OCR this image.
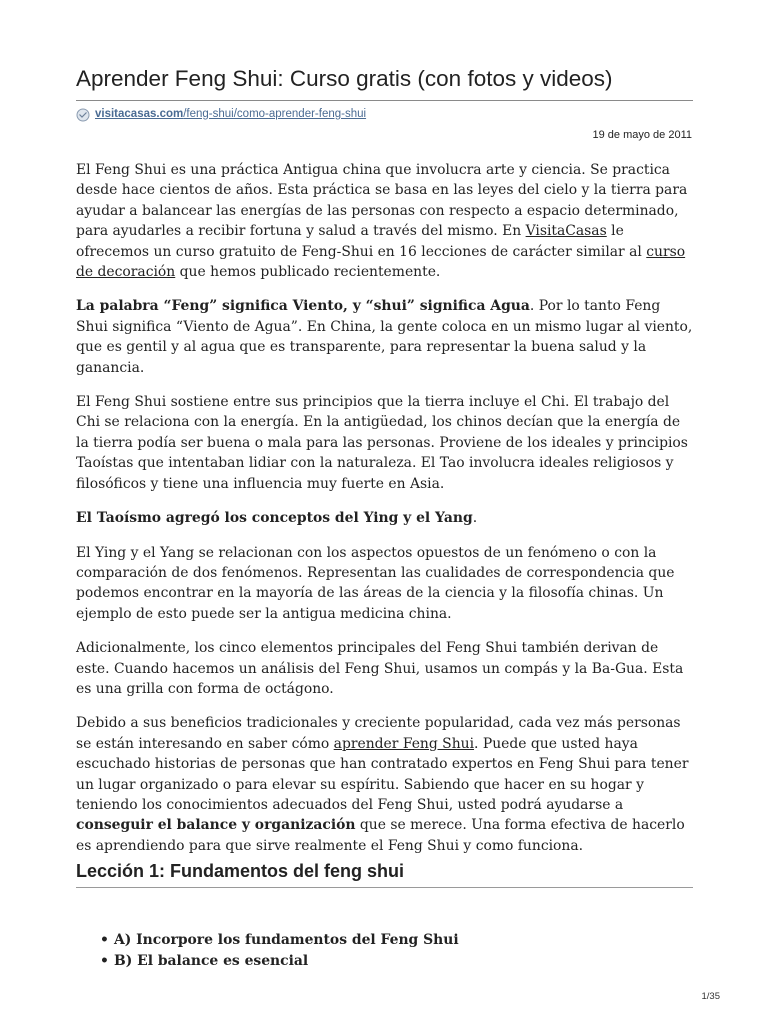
Aprender Feng Shui: Curso gratis (con fotos y videos)
visitacasas.com /feng-shui/como-aprender-feng-shui
19 de mayo de 2011

El Feng Shui es una práctica Antigua china que involucra arte y ciencia. Se practica desde hace cientos de años. Esta práctica se basa en las leyes del cielo y la tierra para ayudar a balancear las energías de las personas con respecto a espacio determinado, para ayudarles a recibir fortuna y salud a través del mismo. En VisitaCasas le ofrecemos un curso gratuito de Feng-Shui en 16 lecciones de carácter similar al curso de decoración que hemos publicado recientemente.

La palabra “Feng” significa Viento, y “shui” significa Agua. Por lo tanto Feng Shui significa “Viento de Agua”. En China, la gente coloca en un mismo lugar al viento, que es gentil y al agua que es transparente, para representar la buena salud y la ganancia.

El Feng Shui sostiene entre sus principios que la tierra incluye el Chi. El trabajo del Chi se relaciona con la energía. En la antigüedad, los chinos decían que la energía de la tierra podía ser buena o mala para las personas. Proviene de los ideales y principios Taoístas que intentaban lidiar con la naturaleza. El Tao involucra ideales religiosos y filosóficos y tiene una influencia muy fuerte en Asia.

El Taoísmo agregó los conceptos del Ying y el Yang.

El Ying y el Yang se relacionan con los aspectos opuestos de un fenómeno o con la comparación de dos fenómenos. Representan las cualidades de correspondencia que podemos encontrar en la mayoría de las áreas de la ciencia y la filosofía chinas. Un ejemplo de esto puede ser la antigua medicina china.

Adicionalmente, los cinco elementos principales del Feng Shui también derivan de este. Cuando hacemos un análisis del Feng Shui, usamos un compás y la Ba-Gua. Esta es una grilla con forma de octágono.

Debido a sus beneficios tradicionales y creciente popularidad, cada vez más personas se están interesando en saber cómo aprender Feng Shui. Puede que usted haya escuchado historias de personas que han contratado expertos en Feng Shui para tener un lugar organizado o para elevar su espíritu. Sabiendo que hacer en su hogar y teniendo los conocimientos adecuados del Feng Shui, usted podrá ayudarse a conseguir el balance y organización que se merece. Una forma efectiva de hacerlo es aprendiendo para que sirve realmente el Feng Shui y como funciona.

Lección 1: Fundamentos del feng shui
• A) Incorpore los fundamentos del Feng Shui
• B) El balance es esencial
1/35
